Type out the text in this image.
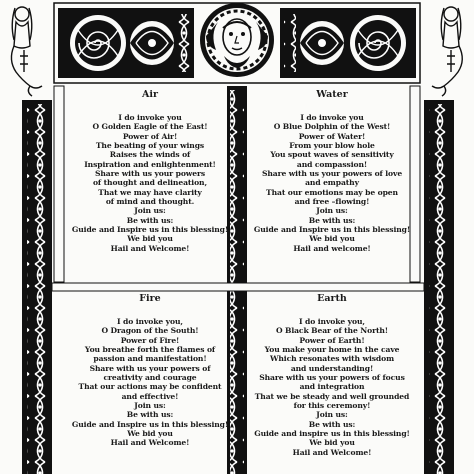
Air
I do invoke you
O Golden Eagle of the East!
Power of Air!
The beating of your wings
Raises the winds of
Inspiration and enlightenment!
Share with us your powers
of thought and delineation,
That we may have clarity
of mind and thought.
Join us:
Be with us:
Guide and Inspire us in this blessing!
We bid you
Hail and Welcome!
Water
I do invoke you
O Blue Dolphin of the West!
Power of Water!
From your blow hole
You spout waves of sensitivity
and compassion!
Share with us your powers of love
and empathy
That our emotions may be open
and free –flowing!
Join us:
Be with us:
Guide and Inspire us in this blessing!
We bid you
Hail and welcome!
Fire
I do invoke you,
O Dragon of the South!
Power of Fire!
You breathe forth the flames of
passion and manifestation!
Share with us your powers of
creativity and courage
That our actions may be confident
and effective!
Join us:
Be with us:
Guide and Inspire us in this blessing!
We bid you
Hail and Welcome!
Earth
I do invoke you,
O Black Bear of the North!
Power of Earth!
You make your home in the cave
Which resonates with wisdom
and understanding!
Share with us your powers of focus
and integration
That we be steady and well grounded
for this ceremony!
Join us:
Be with us:
Guide and inspire us in this blessing!
We bid you
Hail and Welcome!
